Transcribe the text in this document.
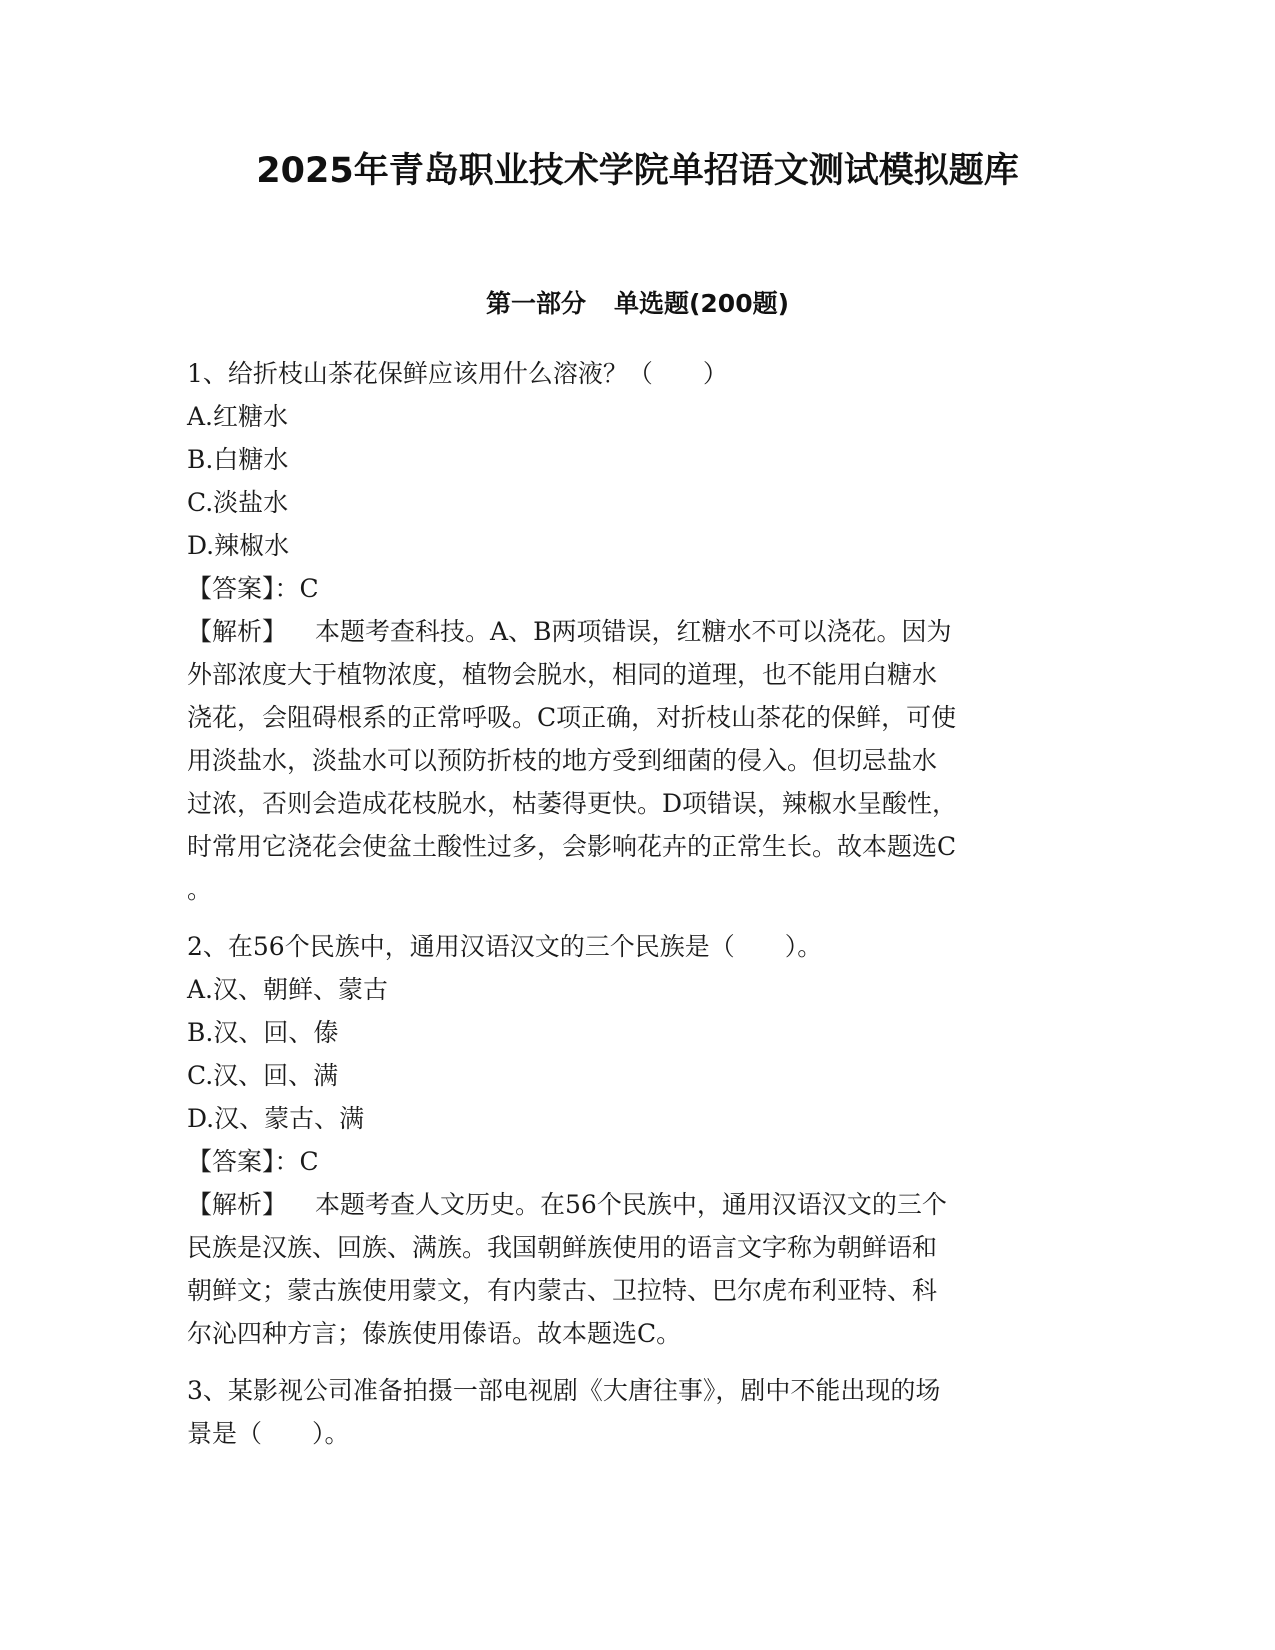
2025年青岛职业技术学院单招语文测试模拟题库
第一部分 单选题(200题)

1、给折枝山茶花保鲜应该用什么溶液？（　　）

A.红糖水

B.白糖水

C.淡盐水

D.辣椒水

【答案】：C

【解析】 本题考查科技。A、B两项错误，红糖水不可以浇花。因为

外部浓度大于植物浓度，植物会脱水，相同的道理，也不能用白糖水

浇花，会阻碍根系的正常呼吸。C项正确，对折枝山茶花的保鲜，可使

用淡盐水，淡盐水可以预防折枝的地方受到细菌的侵入。但切忌盐水

过浓，否则会造成花枝脱水，枯萎得更快。D项错误，辣椒水呈酸性，

时常用它浇花会使盆土酸性过多，会影响花卉的正常生长。故本题选C

。

2、在56个民族中，通用汉语汉文的三个民族是（　　）。

A.汉、朝鲜、蒙古

B.汉、回、傣

C.汉、回、满

D.汉、蒙古、满

【答案】：C

【解析】 本题考查人文历史。在56个民族中，通用汉语汉文的三个

民族是汉族、回族、满族。我国朝鲜族使用的语言文字称为朝鲜语和

朝鲜文；蒙古族使用蒙文，有内蒙古、卫拉特、巴尔虎布利亚特、科

尔沁四种方言；傣族使用傣语。故本题选C。

3、某影视公司准备拍摄一部电视剧《大唐往事》，剧中不能出现的场

景是（　　）。
